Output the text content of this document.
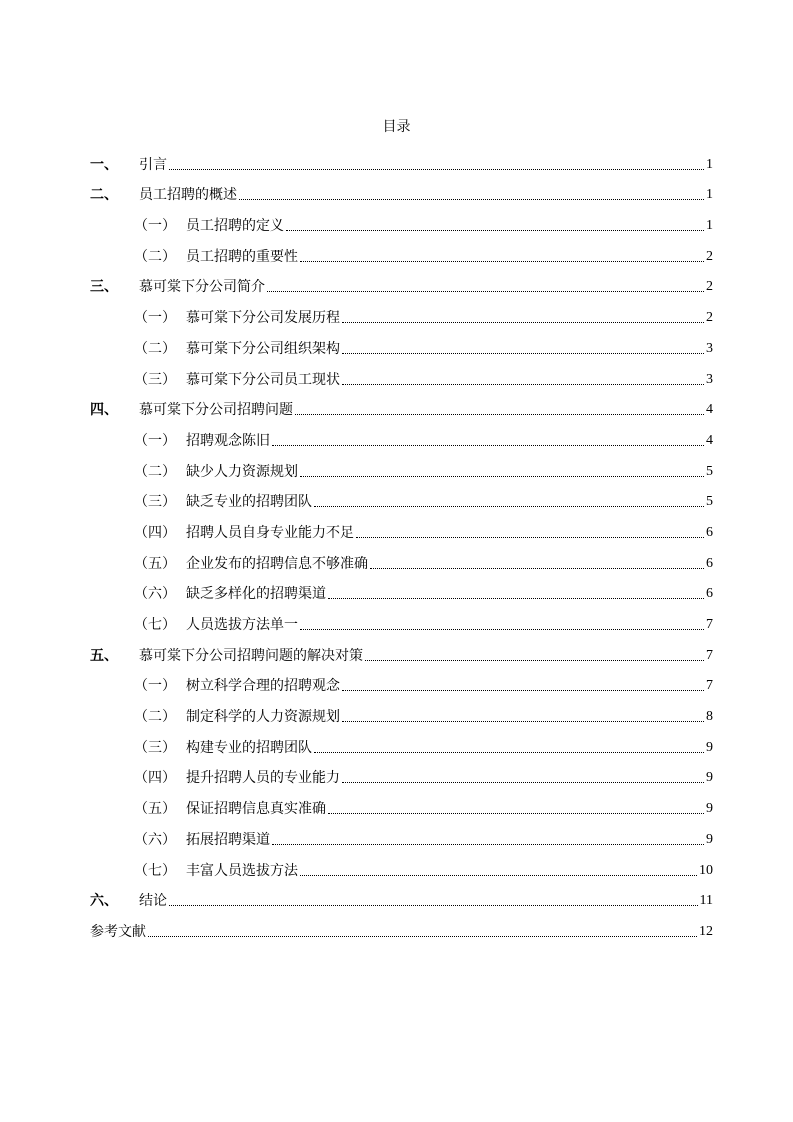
目录
一、	引言	1
二、	员工招聘的概述	1
（一） 员工招聘的定义	1
（二） 员工招聘的重要性	2
三、	慕可棠下分公司简介	2
（一） 慕可棠下分公司发展历程	2
（二） 慕可棠下分公司组织架构	3
（三） 慕可棠下分公司员工现状	3
四、	慕可棠下分公司招聘问题	4
（一） 招聘观念陈旧	4
（二） 缺少人力资源规划	5
（三） 缺乏专业的招聘团队	5
（四） 招聘人员自身专业能力不足	6
（五） 企业发布的招聘信息不够准确	6
（六） 缺乏多样化的招聘渠道	6
（七） 人员选拔方法单一	7
五、	慕可棠下分公司招聘问题的解决对策	7
（一） 树立科学合理的招聘观念	7
（二） 制定科学的人力资源规划	8
（三） 构建专业的招聘团队	9
（四） 提升招聘人员的专业能力	9
（五） 保证招聘信息真实准确	9
（六） 拓展招聘渠道	9
（七） 丰富人员选拔方法	10
六、	结论	11
参考文献	12
